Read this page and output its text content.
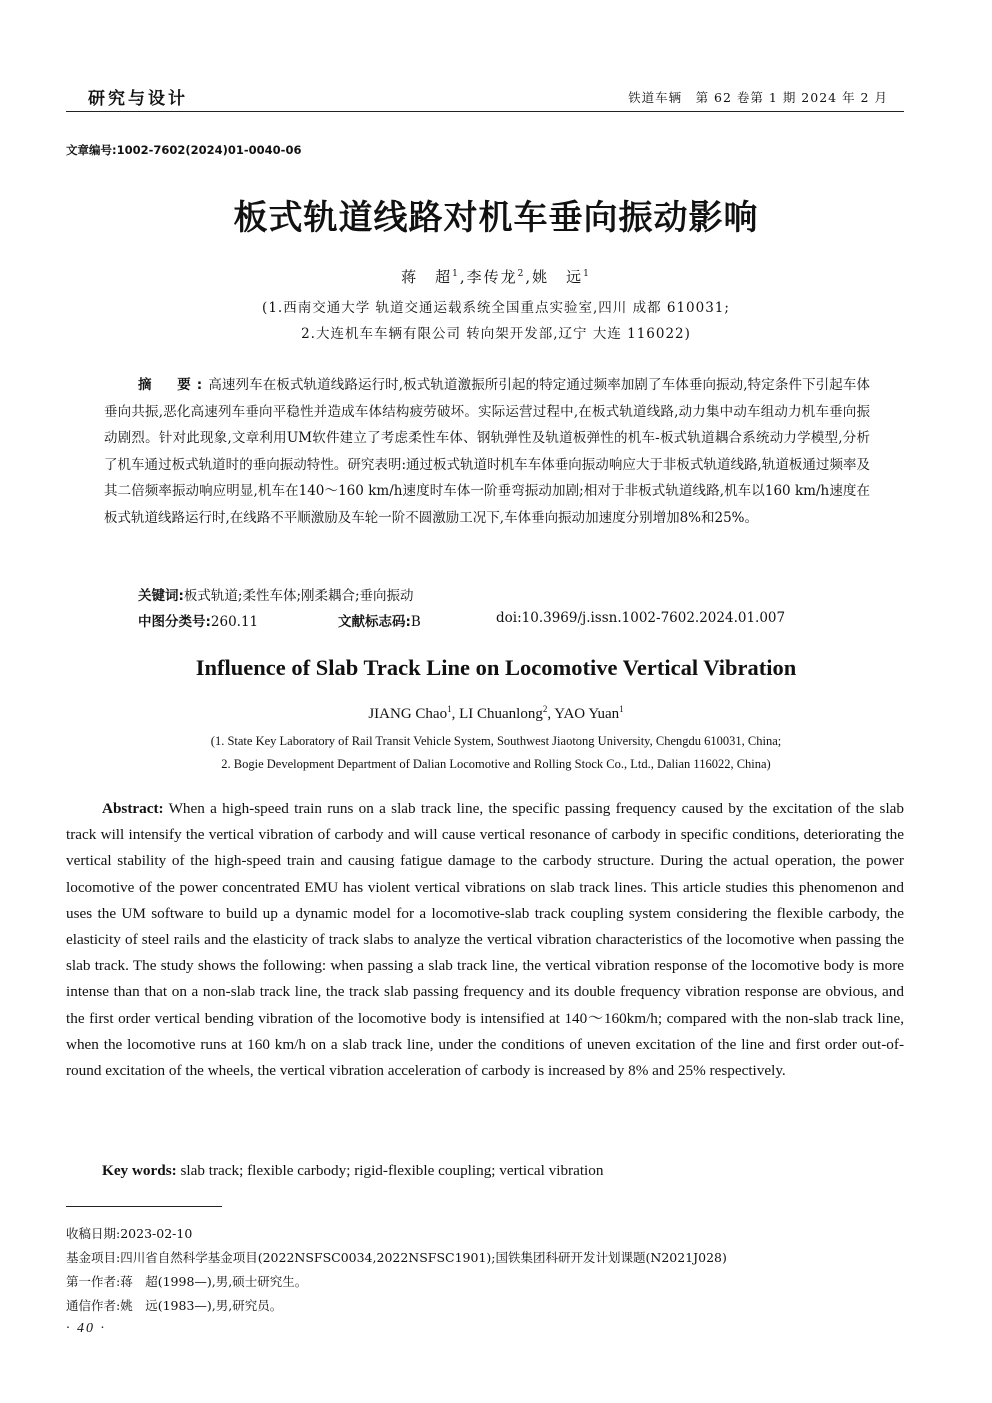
研究与设计	铁道车辆　第 62 卷第 1 期 2024 年 2 月
文章编号:1002-7602(2024)01-0040-06
板式轨道线路对机车垂向振动影响
蒋　超$^1$,李传龙$^2$,姚　远$^1$
(1.西南交通大学 轨道交通运载系统全国重点实验室,四川 成都 610031;
2.大连机车车辆有限公司 转向架开发部,辽宁 大连 116022)
摘　要:高速列车在板式轨道线路运行时,板式轨道激振所引起的特定通过频率加剧了车体垂向振动,特定条件下引起车体垂向共振,恶化高速列车垂向平稳性并造成车体结构疲劳破坏。实际运营过程中,在板式轨道线路,动力集中动车组动力机车垂向振动剧烈。针对此现象,文章利用UM软件建立了考虑柔性车体、钢轨弹性及轨道板弹性的机车-板式轨道耦合系统动力学模型,分析了机车通过板式轨道时的垂向振动特性。研究表明:通过板式轨道时机车车体垂向振动响应大于非板式轨道线路,轨道板通过频率及其二倍频率振动响应明显,机车在140～160 km/h速度时车体一阶垂弯振动加剧;相对于非板式轨道线路,机车以160 km/h速度在板式轨道线路运行时,在线路不平顺激励及车轮一阶不圆激励工况下,车体垂向振动加速度分别增加8%和25%。
关键词:板式轨道;柔性车体;刚柔耦合;垂向振动
中图分类号:260.11	文献标志码:B	doi:10.3969/j.issn.1002-7602.2024.01.007
Influence of Slab Track Line on Locomotive Vertical Vibration
JIANG Chao$^1$, LI Chuanlong$^2$, YAO Yuan$^1$
(1. State Key Laboratory of Rail Transit Vehicle System, Southwest Jiaotong University, Chengdu 610031, China;
2. Bogie Development Department of Dalian Locomotive and Rolling Stock Co., Ltd., Dalian 116022, China)
Abstract: When a high-speed train runs on a slab track line, the specific passing frequency caused by the excitation of the slab track will intensify the vertical vibration of carbody and will cause vertical resonance of carbody in specific conditions, deteriorating the vertical stability of the high-speed train and causing fatigue damage to the carbody structure. During the actual operation, the power locomotive of the power concentrated EMU has violent vertical vibrations on slab track lines. This article studies this phenomenon and uses the UM software to build up a dynamic model for a locomotive-slab track coupling system considering the flexible carbody, the elasticity of steel rails and the elasticity of track slabs to analyze the vertical vibration characteristics of the locomotive when passing the slab track. The study shows the following: when passing a slab track line, the vertical vibration response of the locomotive body is more intense than that on a non-slab track line, the track slab passing frequency and its double frequency vibration response are obvious, and the first order vertical bending vibration of the locomotive body is intensified at 140～160km/h; compared with the non-slab track line, when the locomotive runs at 160 km/h on a slab track line, under the conditions of uneven excitation of the line and first order out-of-round excitation of the wheels, the vertical vibration acceleration of carbody is increased by 8% and 25% respectively.
Key words: slab track; flexible carbody; rigid-flexible coupling; vertical vibration
收稿日期:2023-02-10
基金项目:四川省自然科学基金项目(2022NSFSC0034,2022NSFSC1901);国铁集团科研开发计划课题(N2021J028)
第一作者:蒋　超(1998—),男,硕士研究生。
通信作者:姚　远(1983—),男,研究员。
· 40 ·
